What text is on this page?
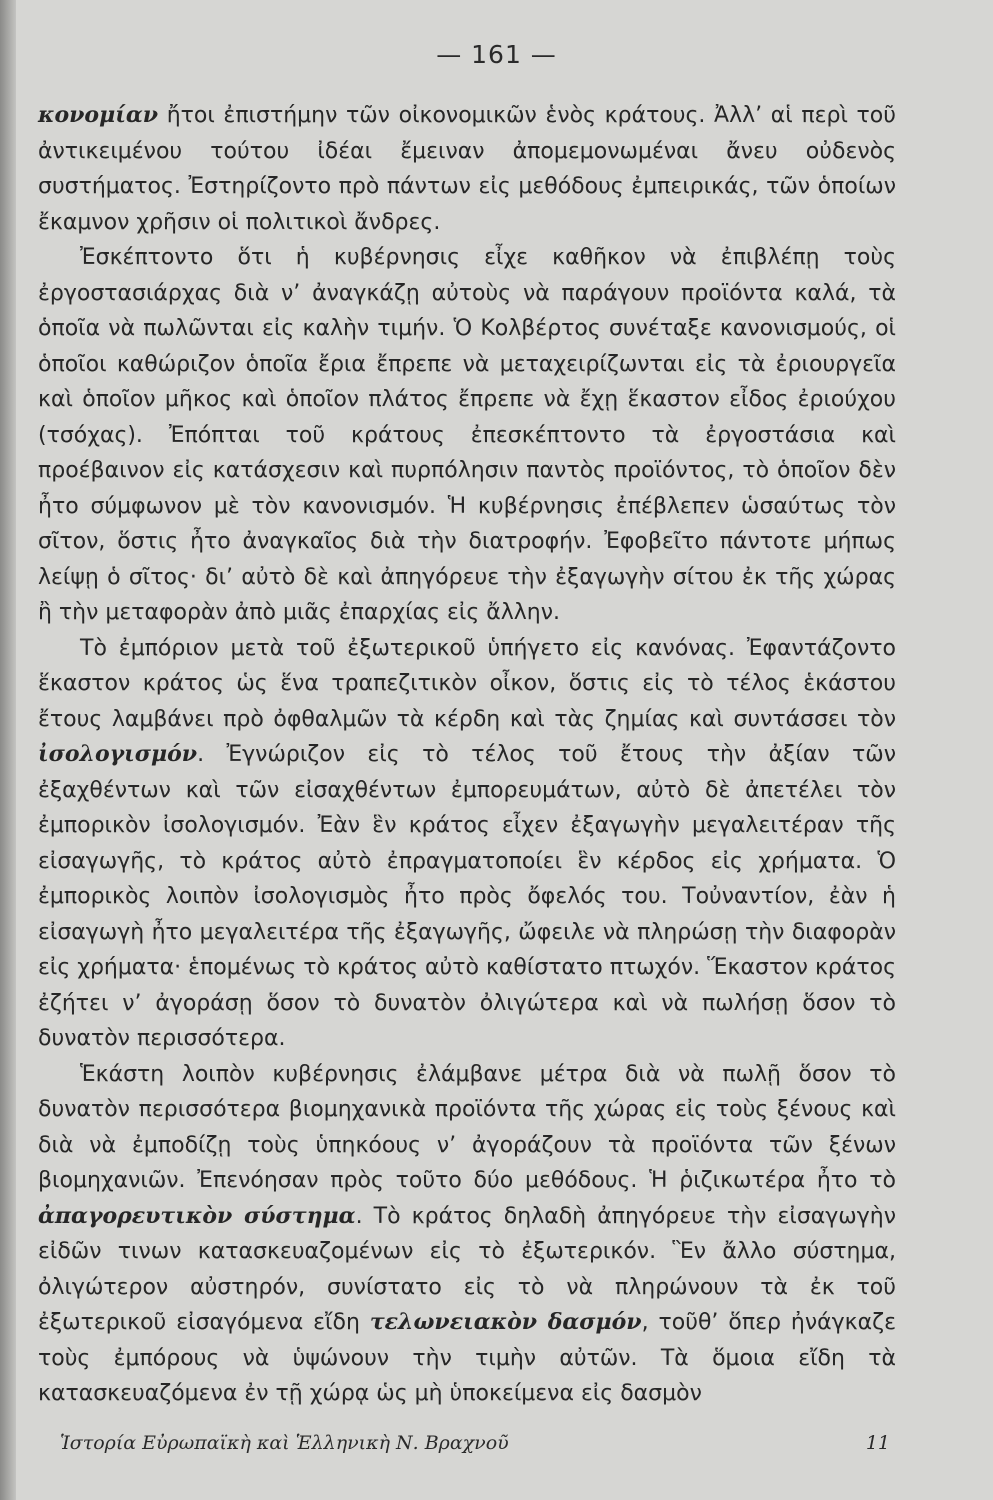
— 161 —

κονομίαν ἤτοι ἐπιστήμην τῶν οἰκονομικῶν ἑνὸς κράτους. Ἀλλ’ αἱ περὶ τοῦ ἀντικειμένου τούτου ἰδέαι ἔμειναν ἀπομεμονωμέναι ἄνευ οὐδενὸς συστήματος. Ἐστηρίζοντο πρὸ πάντων εἰς μεθόδους ἐμπειρικάς, τῶν ὁποίων ἔκαμνον χρῆσιν οἱ πολιτικοὶ ἄνδρες.

Ἐσκέπτοντο ὅτι ἡ κυβέρνησις εἶχε καθῆκον νὰ ἐπιβλέπῃ τοὺς ἐργοστασιάρχας διὰ ν’ ἀναγκάζῃ αὐτοὺς νὰ παράγουν προϊόντα καλά, τὰ ὁποῖα νὰ πωλῶνται εἰς καλὴν τιμήν. Ὁ Κολβέρτος συνέταξε κανονισμούς, οἱ ὁποῖοι καθώριζον ὁποῖα ἔρια ἔπρεπε νὰ μεταχειρίζωνται εἰς τὰ ἐριουργεῖα καὶ ὁποῖον μῆκος καὶ ὁποῖον πλάτος ἔπρεπε νὰ ἔχῃ ἕκαστον εἶδος ἐριούχου (τσόχας). Ἐπόπται τοῦ κράτους ἐπεσκέπτοντο τὰ ἐργοστάσια καὶ προέβαινον εἰς κατάσχεσιν καὶ πυρπόλησιν παντὸς προϊόντος, τὸ ὁποῖον δὲν ἦτο σύμφωνον μὲ τὸν κανονισμόν. Ἡ κυβέρνησις ἐπέβλεπεν ὡσαύτως τὸν σῖτον, ὅστις ἦτο ἀναγκαῖος διὰ τὴν διατροφήν. Ἐφοβεῖτο πάντοτε μήπως λείψῃ ὁ σῖτος· δι’ αὐτὸ δὲ καὶ ἀπηγόρευε τὴν ἐξαγωγὴν σίτου ἐκ τῆς χώρας ἢ τὴν μεταφορὰν ἀπὸ μιᾶς ἐπαρχίας εἰς ἄλλην.

Τὸ ἐμπόριον μετὰ τοῦ ἐξωτερικοῦ ὑπήγετο εἰς κανόνας. Ἐφαντάζοντο ἕκαστον κράτος ὡς ἕνα τραπεζιτικὸν οἶκον, ὅστις εἰς τὸ τέλος ἑκάστου ἔτους λαμβάνει πρὸ ὀφθαλμῶν τὰ κέρδη καὶ τὰς ζημίας καὶ συντάσσει τὸν ἰσολογισμόν. Ἐγνώριζον εἰς τὸ τέλος τοῦ ἔτους τὴν ἀξίαν τῶν ἐξαχθέντων καὶ τῶν εἰσαχθέντων ἐμπορευμάτων, αὐτὸ δὲ ἀπετέλει τὸν ἐμπορικὸν ἰσολογισμόν. Ἐὰν ἓν κράτος εἶχεν ἐξαγωγὴν μεγαλειτέραν τῆς εἰσαγωγῆς, τὸ κράτος αὐτὸ ἐπραγματοποίει ἓν κέρδος εἰς χρήματα. Ὁ ἐμπορικὸς λοιπὸν ἰσολογισμὸς ἦτο πρὸς ὄφελός του. Τοὐναντίον, ἐὰν ἡ εἰσαγωγὴ ἦτο μεγαλειτέρα τῆς ἐξαγωγῆς, ὤφειλε νὰ πληρώσῃ τὴν διαφορὰν εἰς χρήματα· ἑπομένως τὸ κράτος αὐτὸ καθίστατο πτωχόν. Ἕκαστον κράτος ἐζήτει ν’ ἀγοράσῃ ὅσον τὸ δυνατὸν ὀλιγώτερα καὶ νὰ πωλήσῃ ὅσον τὸ δυνατὸν περισσότερα.

Ἑκάστη λοιπὸν κυβέρνησις ἐλάμβανε μέτρα διὰ νὰ πωλῇ ὅσον τὸ δυνατὸν περισσότερα βιομηχανικὰ προϊόντα τῆς χώρας εἰς τοὺς ξένους καὶ διὰ νὰ ἐμποδίζῃ τοὺς ὑπηκόους ν’ ἀγοράζουν τὰ προϊόντα τῶν ξένων βιομηχανιῶν. Ἐπενόησαν πρὸς τοῦτο δύο μεθόδους. Ἡ ῥιζικωτέρα ἦτο τὸ ἀπαγορευτικὸν σύστημα. Τὸ κράτος δηλαδὴ ἀπηγόρευε τὴν εἰσαγωγὴν εἰδῶν τινων κατασκευαζομένων εἰς τὸ ἐξωτερικόν. Ἓν ἄλλο σύστημα, ὀλιγώτερον αὐστηρόν, συνίστατο εἰς τὸ νὰ πληρώνουν τὰ ἐκ τοῦ ἐξωτερικοῦ εἰσαγόμενα εἴδη τελωνειακὸν δασμόν, τοῦθ’ ὅπερ ἠνάγκαζε τοὺς ἐμπόρους νὰ ὑψώνουν τὴν τιμὴν αὐτῶν. Τὰ ὅμοια εἴδη τὰ κατασκευαζόμενα ἐν τῇ χώρᾳ ὡς μὴ ὑποκείμενα εἰς δασμὸν

Ἱστορία Εὐρωπαϊκὴ καὶ Ἑλληνικὴ Ν. Βραχνοῦ	11
